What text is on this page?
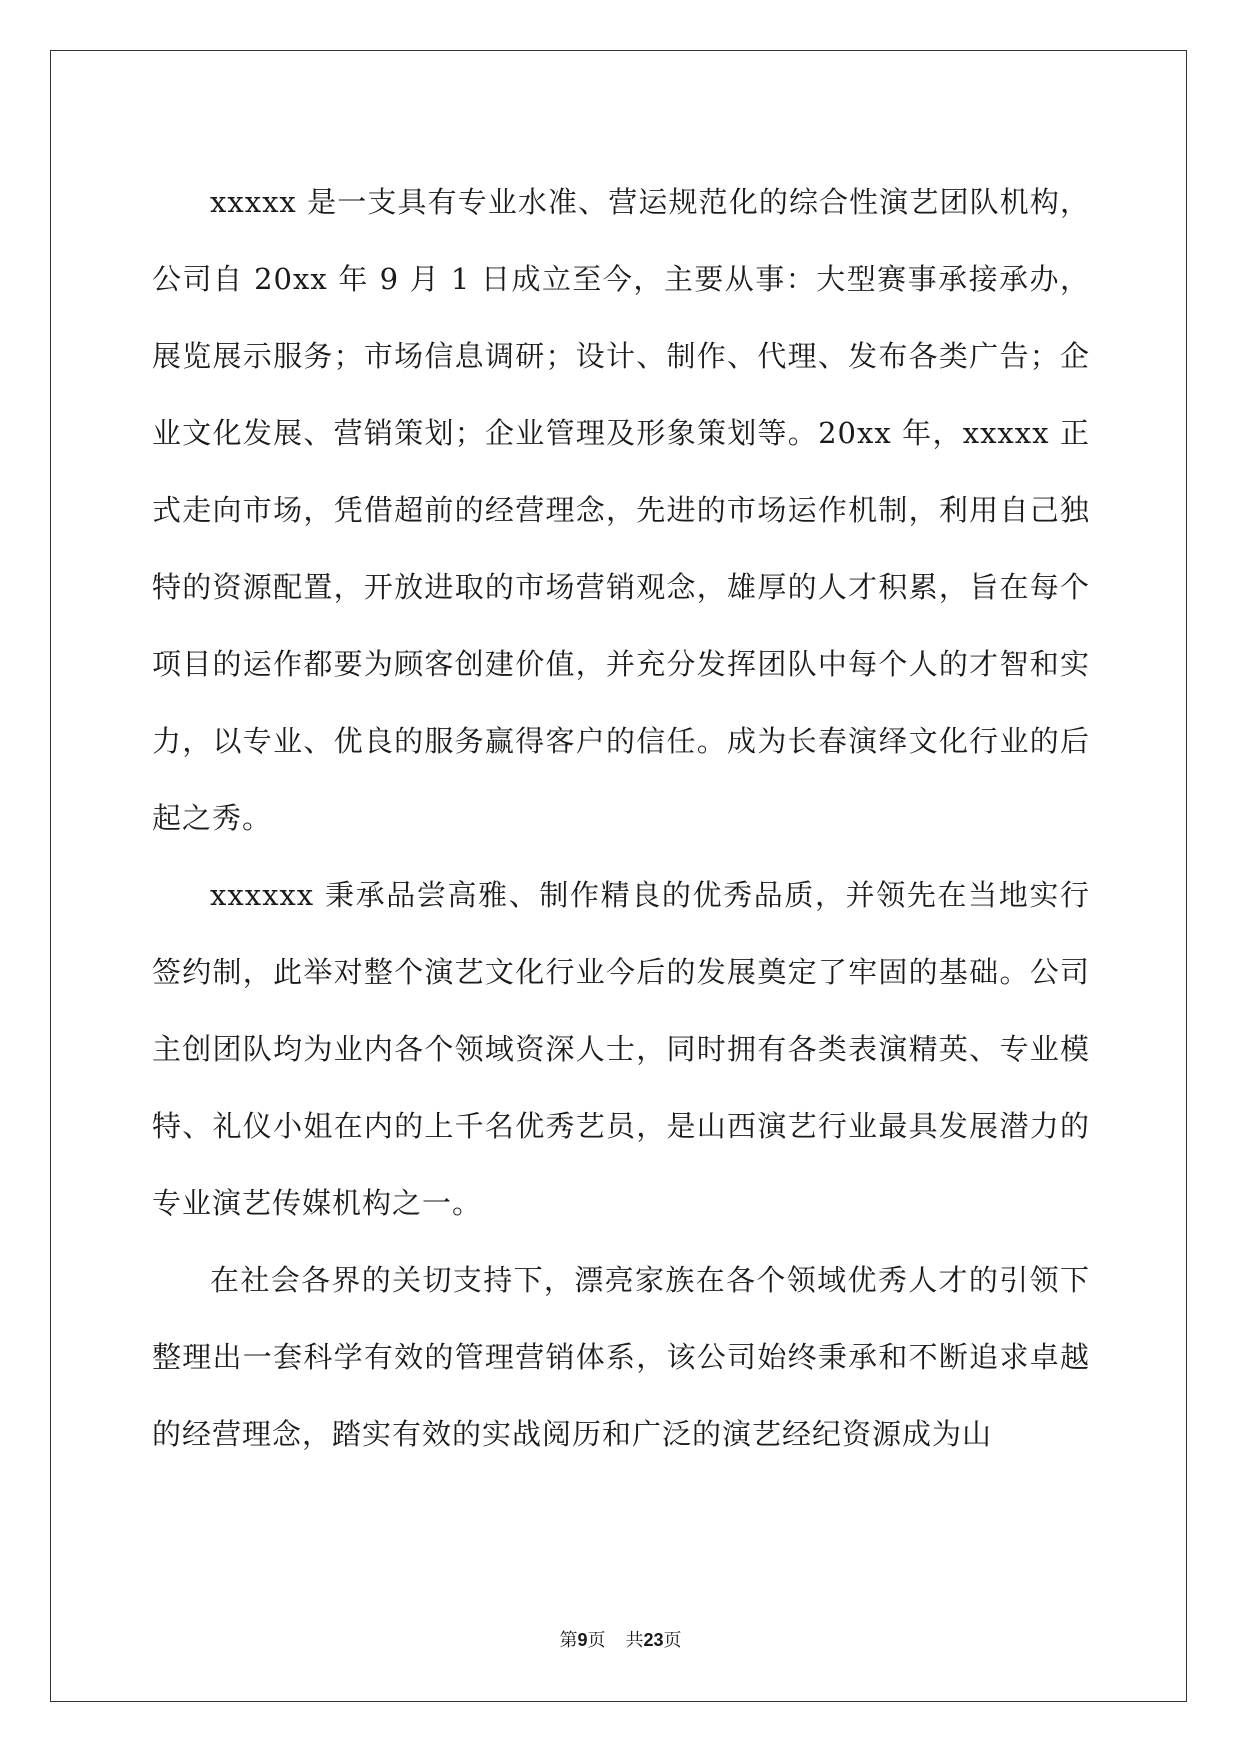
xxxxx 是一支具有专业水准、营运规范化的综合性演艺团队机构，公司自 20xx 年 9 月 1 日成立至今，主要从事：大型赛事承接承办，展览展示服务；市场信息调研；设计、制作、代理、发布各类广告；企业文化发展、营销策划；企业管理及形象策划等。20xx 年，xxxxx 正式走向市场，凭借超前的经营理念，先进的市场运作机制，利用自己独特的资源配置，开放进取的市场营销观念，雄厚的人才积累，旨在每个项目的运作都要为顾客创建价值，并充分发挥团队中每个人的才智和实力，以专业、优良的服务赢得客户的信任。成为长春演绎文化行业的后起之秀。

xxxxxx 秉承品尝高雅、制作精良的优秀品质，并领先在当地实行签约制，此举对整个演艺文化行业今后的发展奠定了牢固的基础。公司主创团队均为业内各个领域资深人士，同时拥有各类表演精英、专业模特、礼仪小姐在内的上千名优秀艺员，是山西演艺行业最具发展潜力的专业演艺传媒机构之一。

在社会各界的关切支持下，漂亮家族在各个领域优秀人才的引领下整理出一套科学有效的管理营销体系，该公司始终秉承和不断追求卓越的经营理念，踏实有效的实战阅历和广泛的演艺经纪资源成为山

第9页 共23页
